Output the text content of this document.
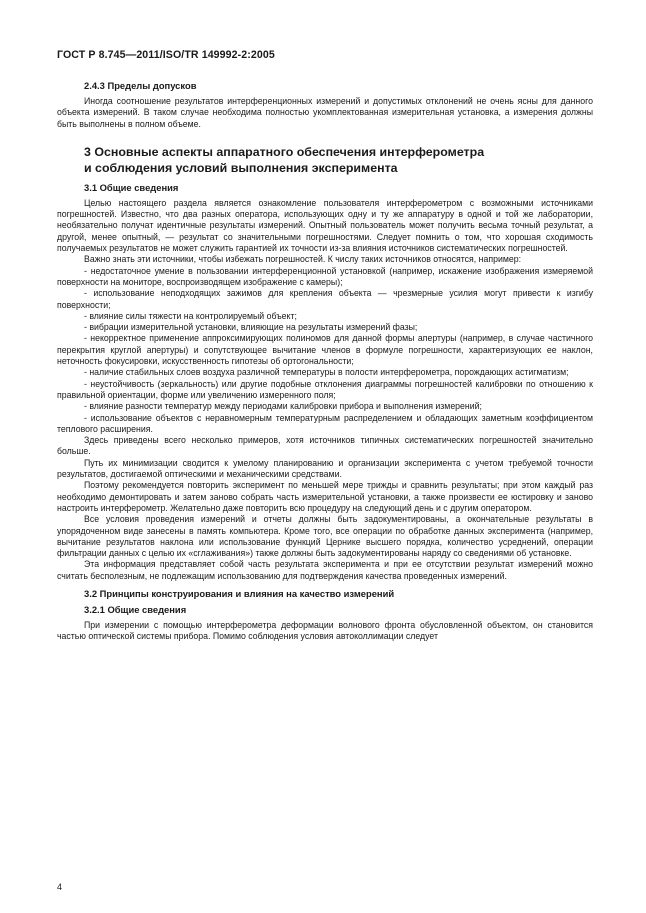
ГОСТ Р 8.745—2011/ISO/TR 149992-2:2005
2.4.3 Пределы допусков

Иногда соотношение результатов интерференционных измерений и допустимых отклонений не очень ясны для данного объекта измерений. В таком случае необходима полностью укомплектованная измерительная установка, а измерения должны быть выполнены в полном объеме.

3 Основные аспекты аппаратного обеспечения интерферометра
и соблюдения условий выполнения эксперимента
3.1 Общие сведения

Целью настоящего раздела является ознакомление пользователя интерферометром с возможными источниками погрешностей. Известно, что два разных оператора, использующих одну и ту же аппаратуру в одной и той же лаборатории, необязательно получат идентичные результаты измерений. Опытный пользователь может получить весьма точный результат, а другой, менее опытный, — результат со значительными погрешностями. Следует помнить о том, что хорошая сходимость получаемых результатов не может служить гарантией их точности из-за влияния источников систематических погрешностей.

Важно знать эти источники, чтобы избежать погрешностей. К числу таких источников относятся, например:

- недостаточное умение в пользовании интерференционной установкой (например, искажение изображения измеряемой поверхности на мониторе, воспроизводящем изображение с камеры);

- использование неподходящих зажимов для крепления объекта — чрезмерные усилия могут привести к изгибу поверхности;

- влияние силы тяжести на контролируемый объект;

- вибрации измерительной установки, влияющие на результаты измерений фазы;

- некорректное применение аппроксимирующих полиномов для данной формы апертуры (например, в случае частичного перекрытия круглой апертуры) и сопутствующее вычитание членов в формуле погрешности, характеризующих ее наклон, неточность фокусировки, искусственность гипотезы об ортогональности;

- наличие стабильных слоев воздуха различной температуры в полости интерферометра, порождающих астигматизм;

- неустойчивость (зеркальность) или другие подобные отклонения диаграммы погрешностей калибровки по отношению к правильной ориентации, форме или увеличению измеренного поля;

- влияние разности температур между периодами калибровки прибора и выполнения измерений;

- использование объектов с неравномерным температурным распределением и обладающих заметным коэффициентом теплового расширения.

Здесь приведены всего несколько примеров, хотя источников типичных систематических погрешностей значительно больше.

Путь их минимизации сводится к умелому планированию и организации эксперимента с учетом требуемой точности результатов, достигаемой оптическими и механическими средствами.

Поэтому рекомендуется повторить эксперимент по меньшей мере трижды и сравнить результаты; при этом каждый раз необходимо демонтировать и затем заново собрать часть измерительной установки, а также произвести ее юстировку и заново настроить интерферометр. Желательно даже повторить всю процедуру на следующий день и с другим оператором.

Все условия проведения измерений и отчеты должны быть задокументированы, а окончательные результаты в упорядоченном виде занесены в память компьютера. Кроме того, все операции по обработке данных эксперимента (например, вычитание результатов наклона или использование функций Цернике высшего порядка, количество усреднений, операции фильтрации данных с целью их «сглаживания») также должны быть задокументированы наряду со сведениями об установке.

Эта информация представляет собой часть результата эксперимента и при ее отсутствии результат измерений можно считать бесполезным, не подлежащим использованию для подтверждения качества проведенных измерений.

3.2 Принципы конструирования и влияния на качество измерений
3.2.1 Общие сведения

При измерении с помощью интерферометра деформации волнового фронта обусловленной объектом, он становится частью оптической системы прибора. Помимо соблюдения условия автоколлимации следует

4
